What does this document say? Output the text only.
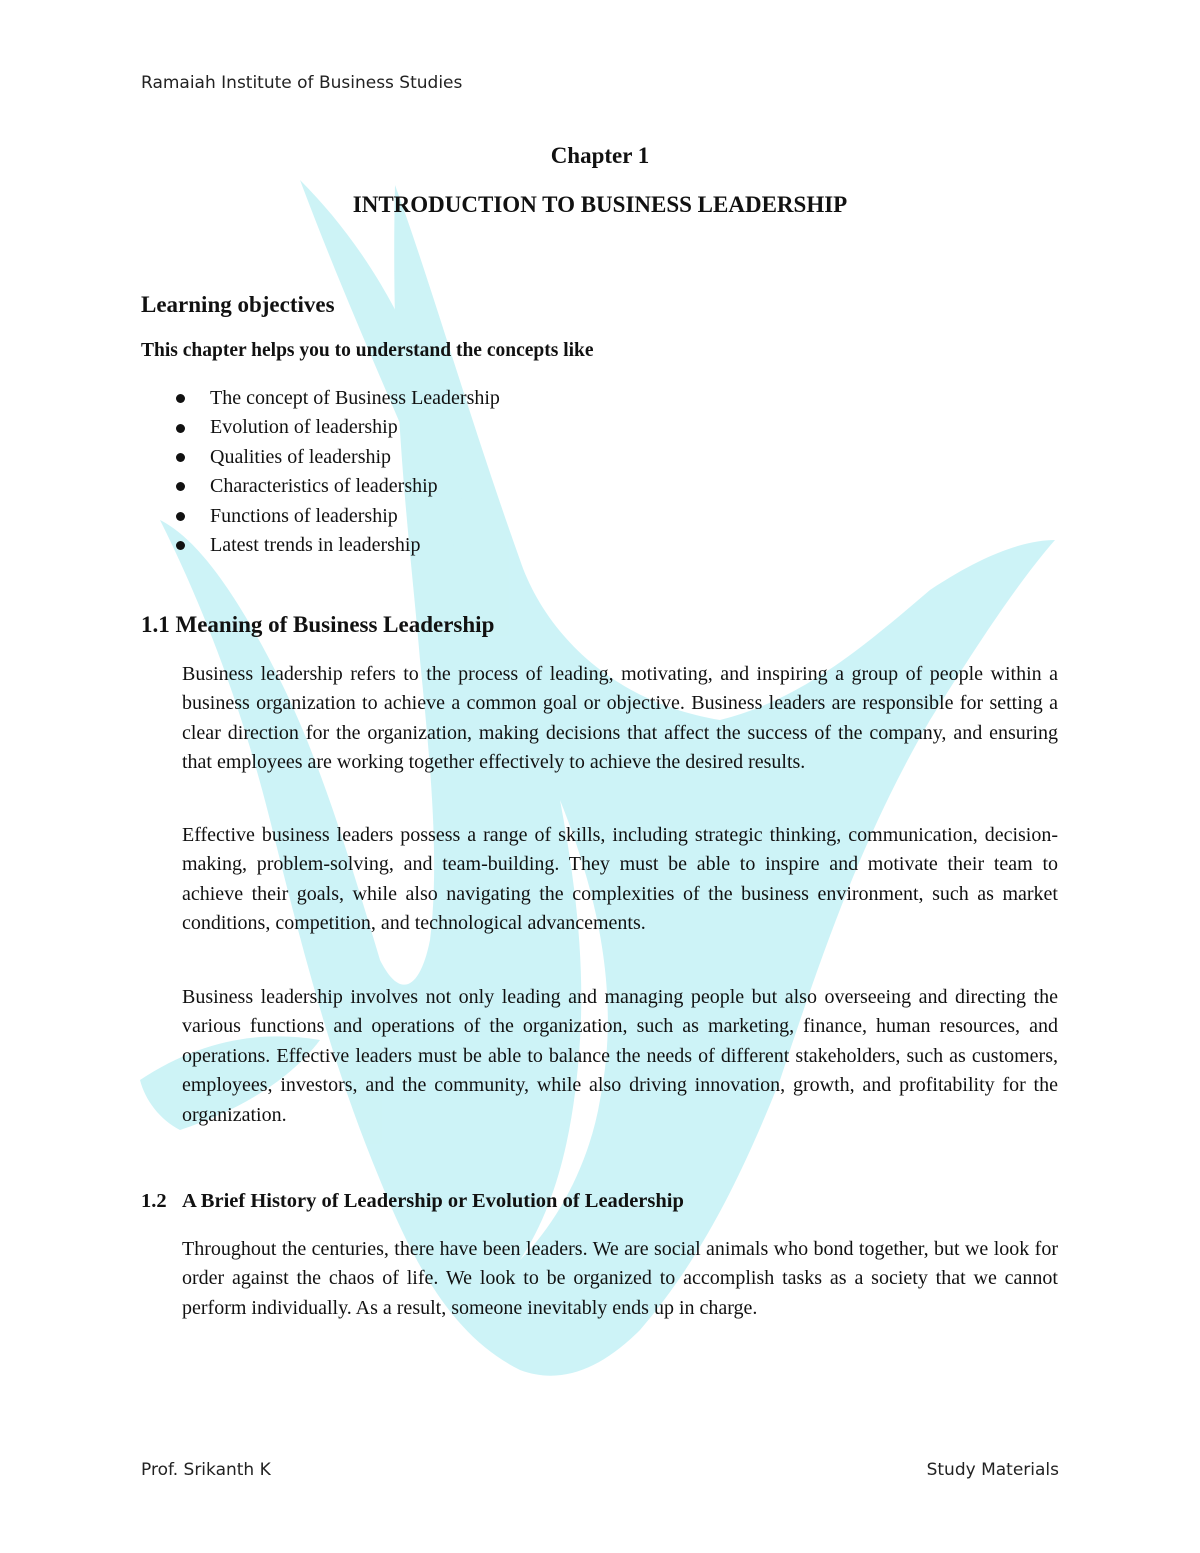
Ramaiah Institute of Business Studies
Chapter 1
INTRODUCTION TO BUSINESS LEADERSHIP
Learning objectives
This chapter helps you to understand the concepts like
The concept of Business Leadership
Evolution of leadership
Qualities of leadership
Characteristics of leadership
Functions of leadership
Latest trends in leadership
1.1 Meaning of Business Leadership

Business leadership refers to the process of leading, motivating, and inspiring a group of people within a business organization to achieve a common goal or objective. Business leaders are responsible for setting a clear direction for the organization, making decisions that affect the success of the company, and ensuring that employees are working together effectively to achieve the desired results.

Effective business leaders possess a range of skills, including strategic thinking, communication, decision-making, problem-solving, and team-building. They must be able to inspire and motivate their team to achieve their goals, while also navigating the complexities of the business environment, such as market conditions, competition, and technological advancements.

Business leadership involves not only leading and managing people but also overseeing and directing the various functions and operations of the organization, such as marketing, finance, human resources, and operations. Effective leaders must be able to balance the needs of different stakeholders, such as customers, employees, investors, and the community, while also driving innovation, growth, and profitability for the organization.

1.2 A Brief History of Leadership or Evolution of Leadership

Throughout the centuries, there have been leaders. We are social animals who bond together, but we look for order against the chaos of life. We look to be organized to accomplish tasks as a society that we cannot perform individually. As a result, someone inevitably ends up in charge.

Prof. Srikanth K	Study Materials
